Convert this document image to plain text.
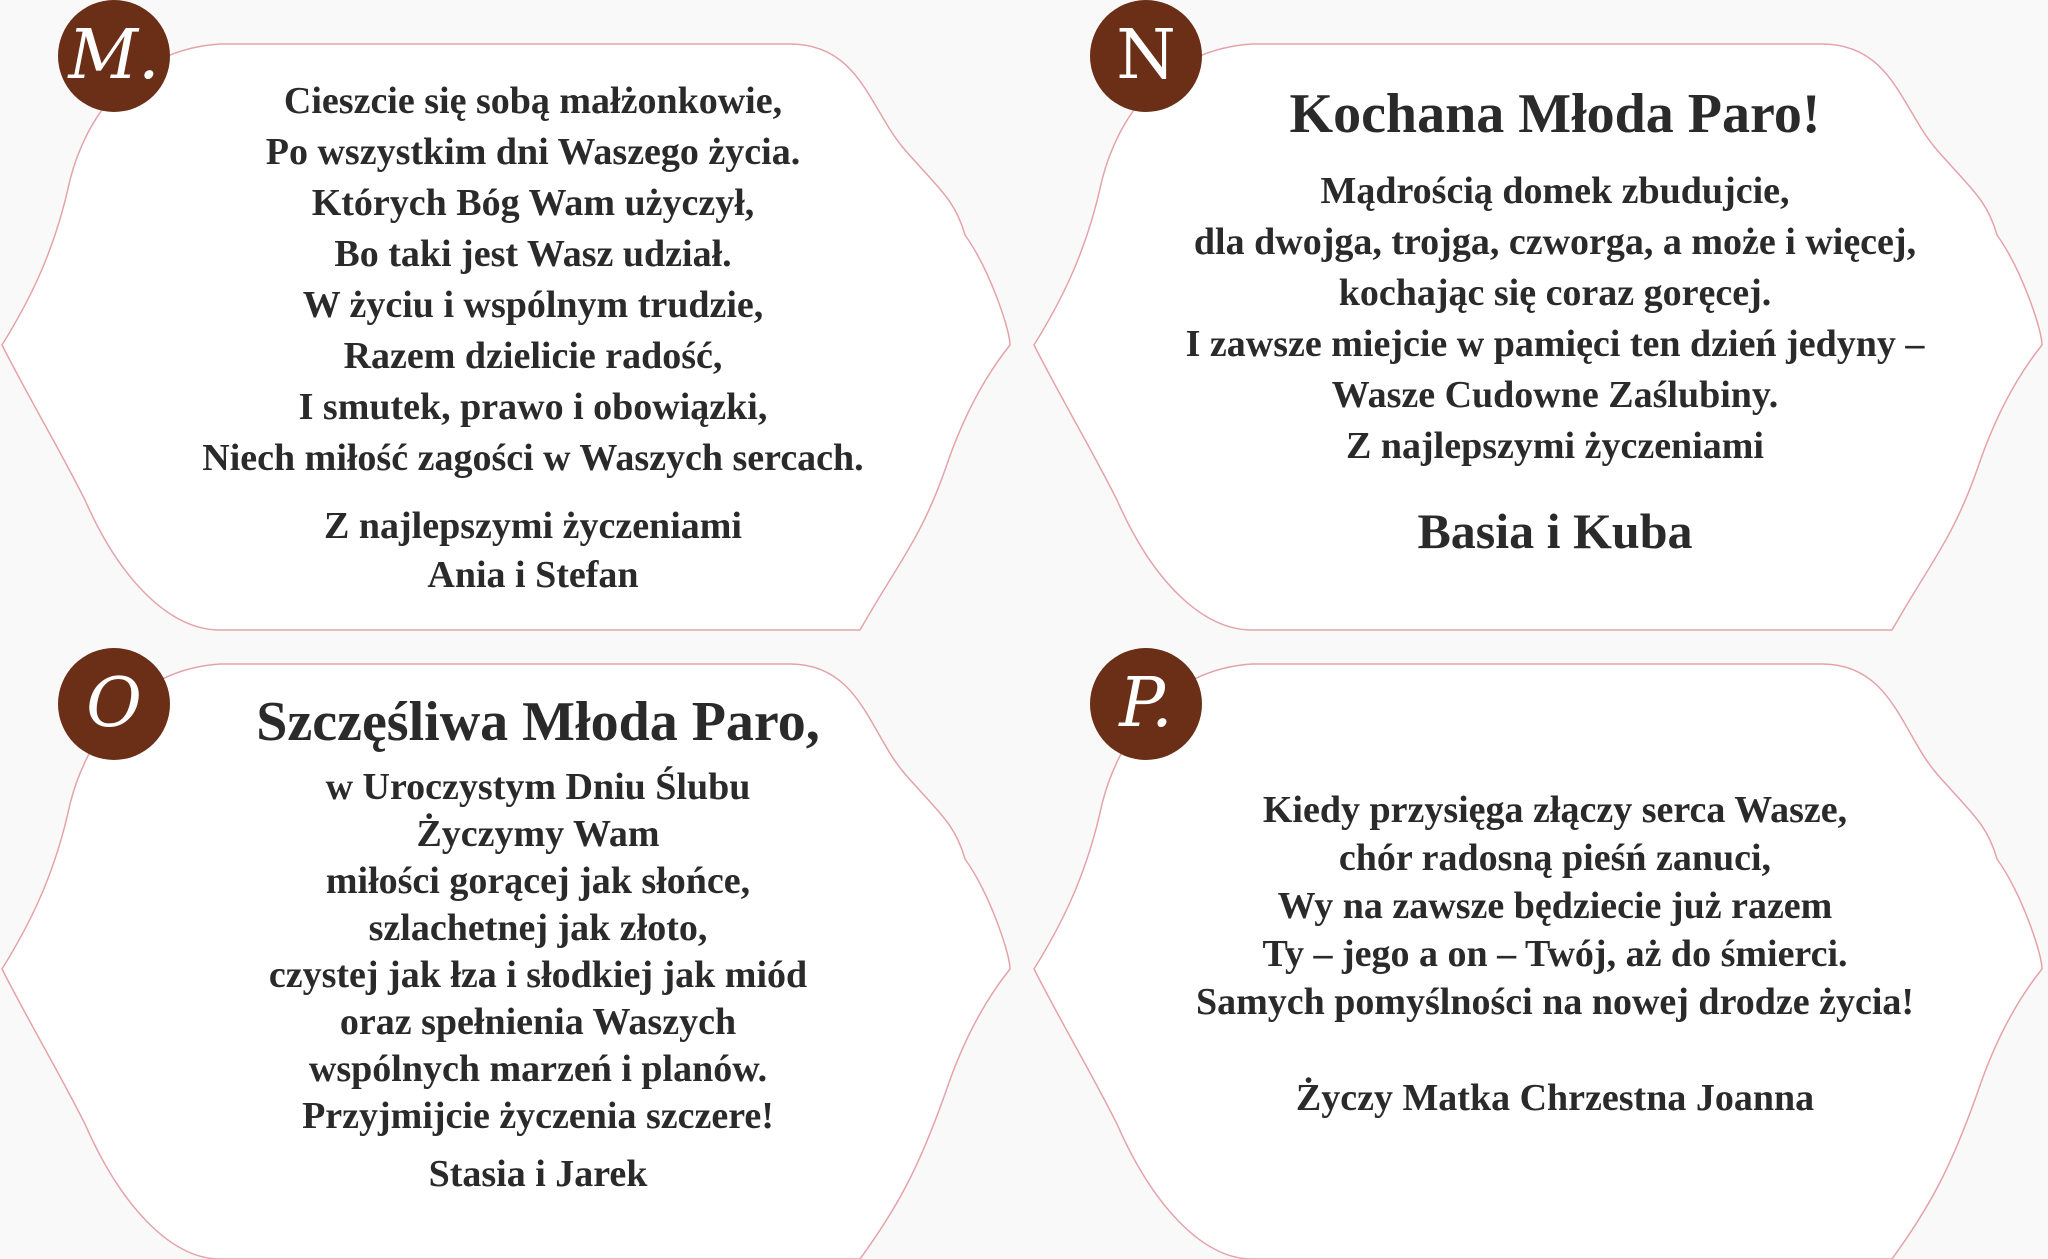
M.
Cieszcie się sobą małżonkowie,
Po wszystkim dni Waszego życia.
Których Bóg Wam użyczył,
Bo taki jest Wasz udział.
W życiu i wspólnym trudzie,
Razem dzielicie radość,
I smutek, prawo i obowiązki,
Niech miłość zagości w Waszych sercach.
Z najlepszymi życzeniami
Ania i Stefan
N
Kochana Młoda Paro!
Mądrością domek zbudujcie,
dla dwojga, trojga, czworga, a może i więcej,
kochając się coraz goręcej.
I zawsze miejcie w pamięci ten dzień jedyny –
Wasze Cudowne Zaślubiny.
Z najlepszymi życzeniami
Basia i Kuba
O	Szczęśliwa Młoda Paro,
w Uroczystym Dniu Ślubu
Życzymy Wam
miłości gorącej jak słońce,
szlachetnej jak złoto,
czystej jak łza i słodkiej jak miód
oraz spełnienia Waszych
wspólnych marzeń i planów.
Przyjmijcie życzenia szczere!
Stasia i Jarek
P.
Kiedy przysięga złączy serca Wasze,
chór radosną pieśń zanuci,
Wy na zawsze będziecie już razem
Ty – jego a on – Twój, aż do śmierci.
Samych pomyślności na nowej drodze życia!
Życzy Matka Chrzestna Joanna
